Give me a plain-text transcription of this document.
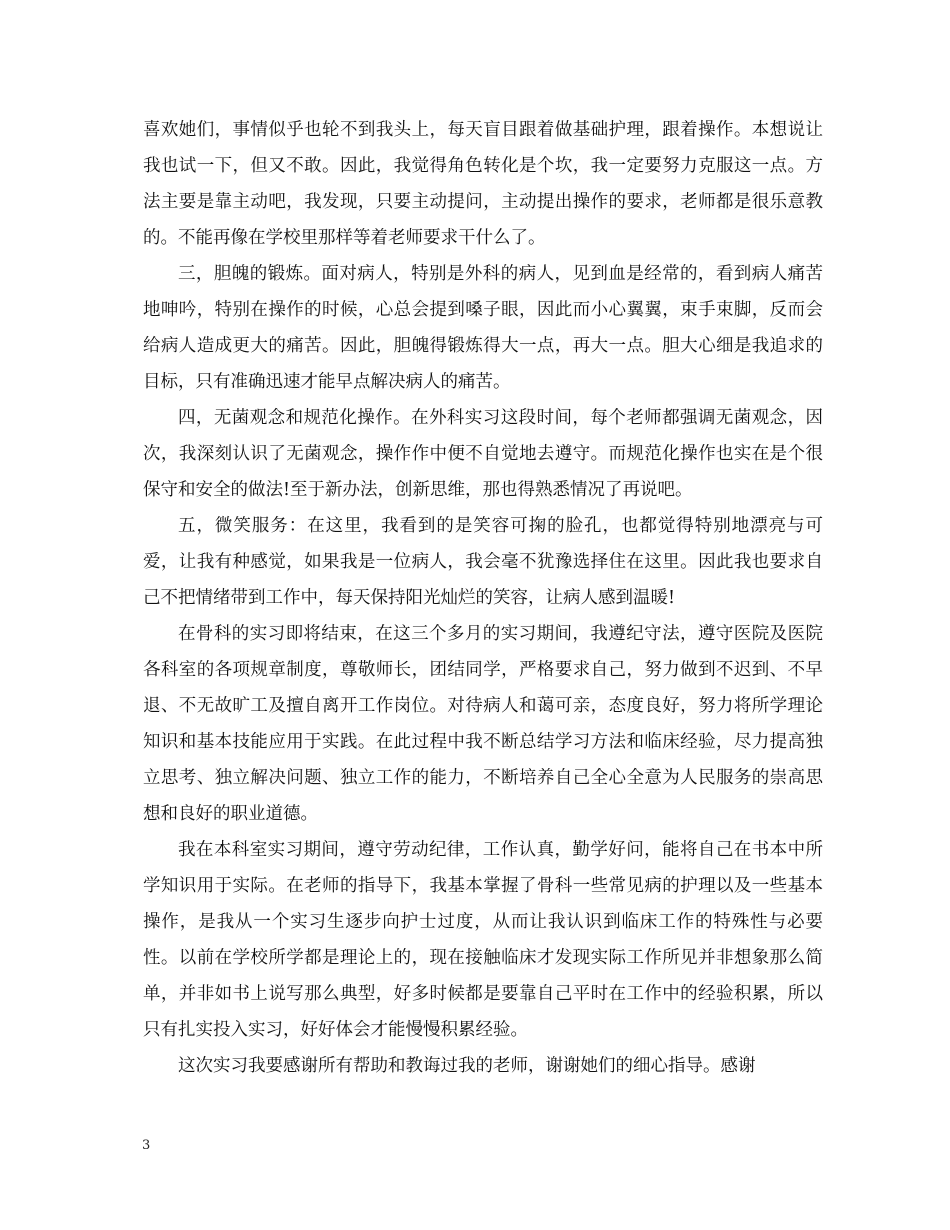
喜欢她们，事情似乎也轮不到我头上，每天盲目跟着做基础护理，跟着操作。本想说让我也试一下，但又不敢。因此，我觉得角色转化是个坎，我一定要努力克服这一点。方法主要是靠主动吧，我发现，只要主动提问，主动提出操作的要求，老师都是很乐意教的。不能再像在学校里那样等着老师要求干什么了。

三，胆魄的锻炼。面对病人，特别是外科的病人，见到血是经常的，看到病人痛苦地呻吟，特别在操作的时候，心总会提到嗓子眼，因此而小心翼翼，束手束脚，反而会给病人造成更大的痛苦。因此，胆魄得锻炼得大一点，再大一点。胆大心细是我追求的目标，只有准确迅速才能早点解决病人的痛苦。

四，无菌观念和规范化操作。在外科实习这段时间，每个老师都强调无菌观念，因次，我深刻认识了无菌观念，操作作中便不自觉地去遵守。而规范化操作也实在是个很保守和安全的做法!至于新办法，创新思维，那也得熟悉情况了再说吧。

五，微笑服务：在这里，我看到的是笑容可掬的脸孔，也都觉得特别地漂亮与可爱，让我有种感觉，如果我是一位病人，我会毫不犹豫选择住在这里。因此我也要求自己不把情绪带到工作中，每天保持阳光灿烂的笑容，让病人感到温暖!

在骨科的实习即将结束，在这三个多月的实习期间，我遵纪守法，遵守医院及医院各科室的各项规章制度，尊敬师长，团结同学，严格要求自己，努力做到不迟到、不早退、不无故旷工及擅自离开工作岗位。对待病人和蔼可亲，态度良好，努力将所学理论知识和基本技能应用于实践。在此过程中我不断总结学习方法和临床经验，尽力提高独立思考、独立解决问题、独立工作的能力，不断培养自己全心全意为人民服务的崇高思想和良好的职业道德。

我在本科室实习期间，遵守劳动纪律，工作认真，勤学好问，能将自己在书本中所学知识用于实际。在老师的指导下，我基本掌握了骨科一些常见病的护理以及一些基本操作，是我从一个实习生逐步向护士过度，从而让我认识到临床工作的特殊性与必要性。以前在学校所学都是理论上的，现在接触临床才发现实际工作所见并非想象那么简单，并非如书上说写那么典型，好多时候都是要靠自己平时在工作中的经验积累，所以只有扎实投入实习，好好体会才能慢慢积累经验。

这次实习我要感谢所有帮助和教诲过我的老师，谢谢她们的细心指导。感谢

3
